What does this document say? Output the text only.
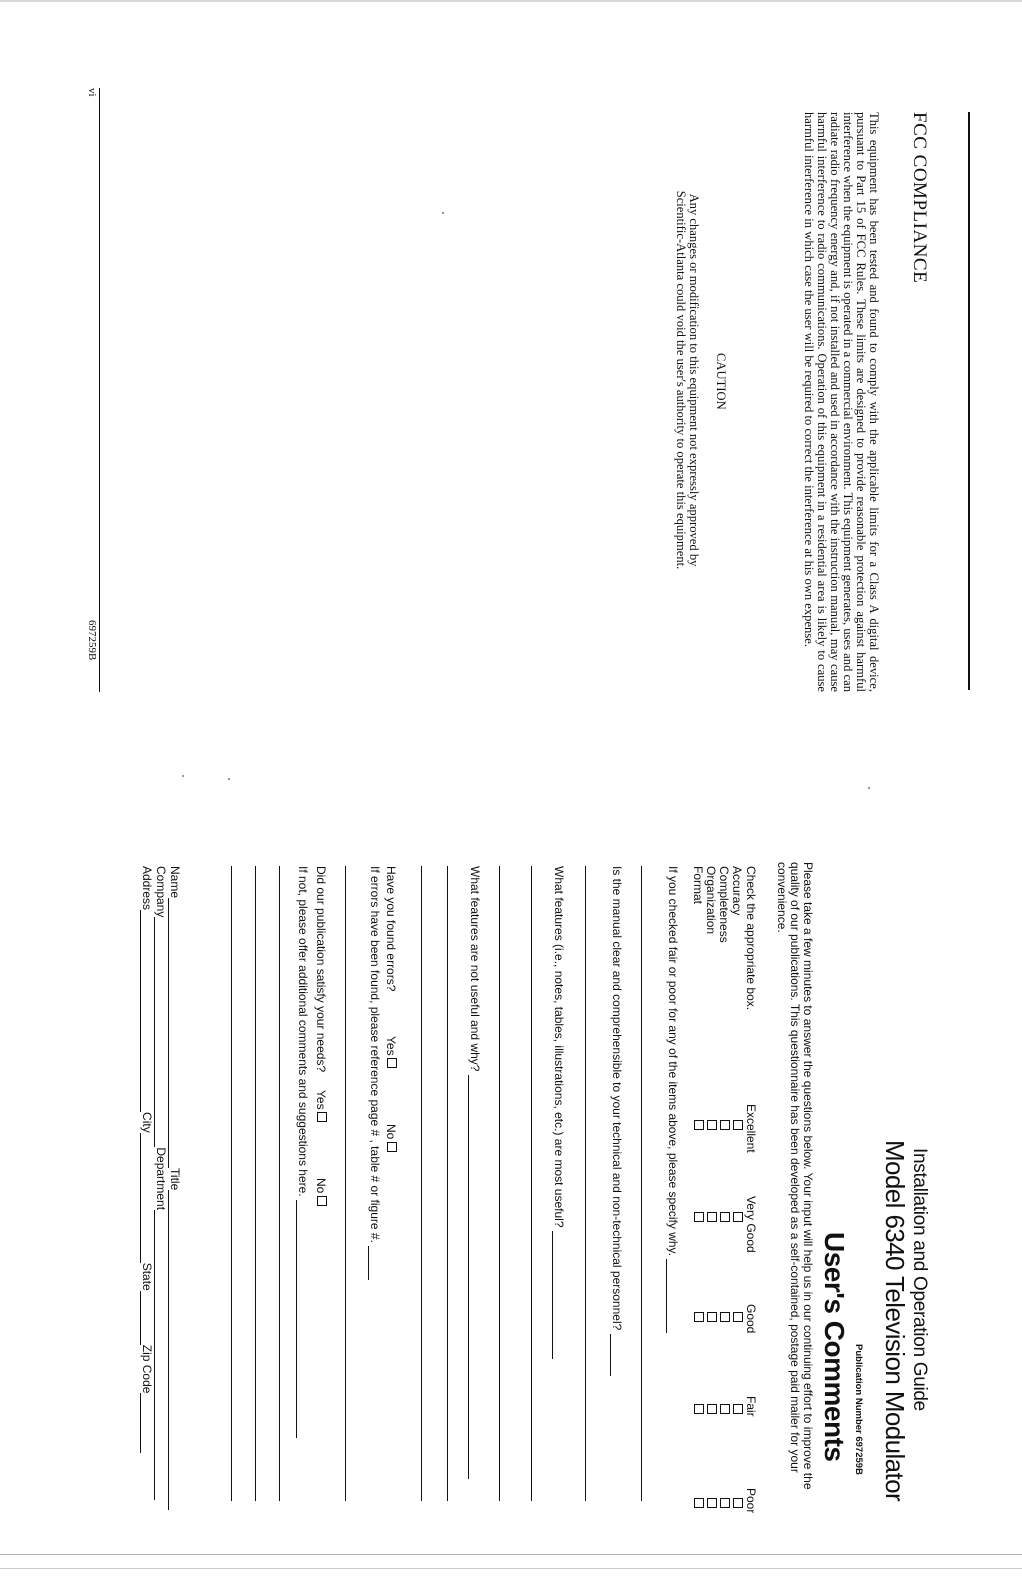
FCC COMPLIANCE

This equipment has been tested and found to comply with the applicable limits for a Class A digital device, pursuant to Part 15 of FCC Rules. These limits are designed to provide reasonable protection against harmful interference when the equipment is operated in a commercial environment. This equipment generates, uses and can radiate radio frequency energy and, if not installed and used in accordance with the instruction manual, may cause harmful interference to radio communications. Operation of this equipment in a residential area is likely to cause harmful interference in which case the user will be required to correct the interference at his own expense.

CAUTION

Any changes or modification to this equipment not expressly approved by Scientific-Atlanta could void the user's authority to operate this equipment.

vi

697259B

Installation and Operation Guide
Model 6340 Television Modulator

Publication Number 697259B

User's Comments

Please take a few minutes to answer the questions below. Your input will help us in our continuing effort to improve the quality of our publications. This questionnaire has been developed as a self-contained, postage paid mailer for your convenience.

Check the appropriate box.

Excellent

Very Good

Good

Fair

Poor

Accuracy

Completeness

Organization

Format

If you checked fair or poor for any of the items above, please specify why.

Is the manual clear and comprehensible to your technical and non-technical personnel?

What features (i.e., notes, tables, illustrations, etc.) are most useful?

What features are not useful and why?

Have you found errors?

Yes

No

If errors have been found, please reference page # , table # or figure #.

Did our publication satisfy your needs?

Yes

No

If not, please offer additional comments and suggestions here.

NameTitle

CompanyDepartment

AddressCityStateZip Code
